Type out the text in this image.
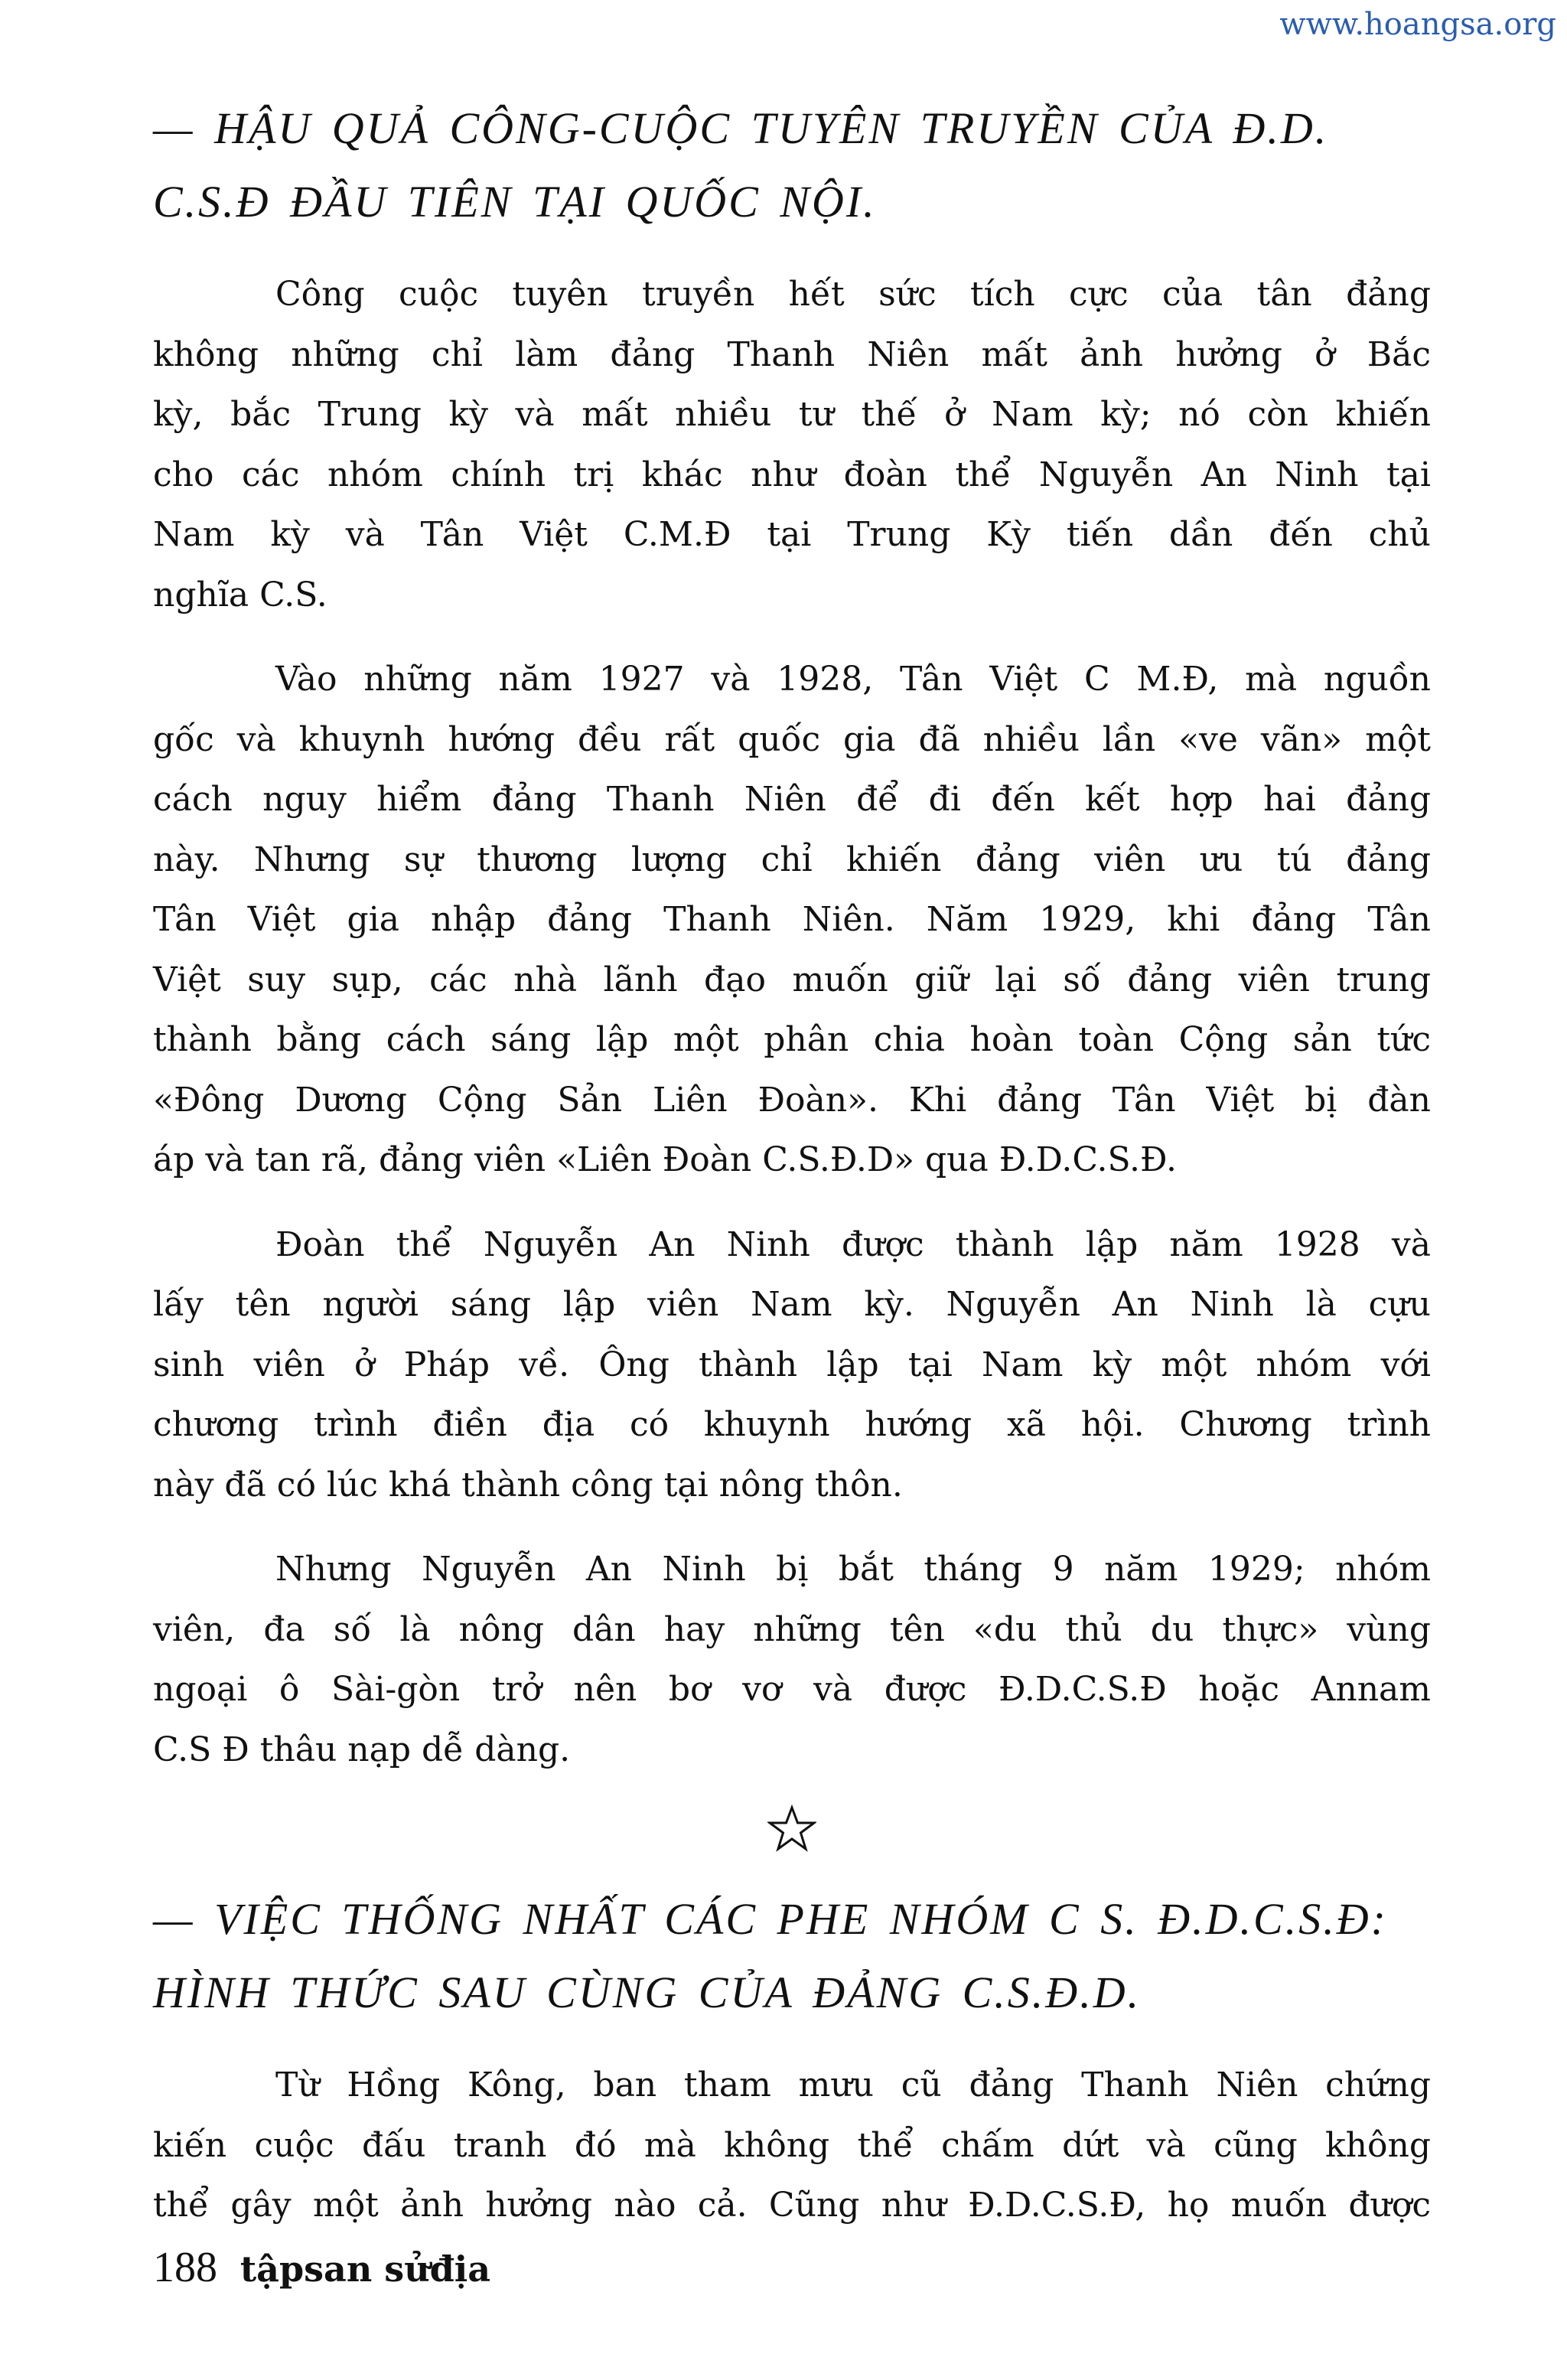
www.hoangsa.org
— HẬU QUẢ CÔNG-CUỘC TUYÊN TRUYỀN CỦA Đ.D.
C.S.Đ ĐẦU TIÊN TẠI QUỐC NỘI.
Công cuộc tuyên truyền hết sức tích cực của tân đảng
không những chỉ làm đảng Thanh Niên mất ảnh hưởng ở Bắc
kỳ, bắc Trung kỳ và mất nhiều tư thế ở Nam kỳ; nó còn khiến
cho các nhóm chính trị khác như đoàn thể Nguyễn An Ninh tại
Nam kỳ và Tân Việt C.M.Đ tại Trung Kỳ tiến dần đến chủ
nghĩa C.S.
Vào những năm 1927 và 1928, Tân Việt C M.Đ, mà nguồn
gốc và khuynh hướng đều rất quốc gia đã nhiều lần «ve vãn» một
cách nguy hiểm đảng Thanh Niên để đi đến kết hợp hai đảng
này. Nhưng sự thương lượng chỉ khiến đảng viên ưu tú đảng
Tân Việt gia nhập đảng Thanh Niên. Năm 1929, khi đảng Tân
Việt suy sụp, các nhà lãnh đạo muốn giữ lại số đảng viên trung
thành bằng cách sáng lập một phân chia hoàn toàn Cộng sản tức
«Đông Dương Cộng Sản Liên Đoàn». Khi đảng Tân Việt bị đàn
áp và tan rã, đảng viên «Liên Đoàn C.S.Đ.D» qua Đ.D.C.S.Đ.
Đoàn thể Nguyễn An Ninh được thành lập năm 1928 và
lấy tên người sáng lập viên Nam kỳ. Nguyễn An Ninh là cựu
sinh viên ở Pháp về. Ông thành lập tại Nam kỳ một nhóm với
chương trình điền địa có khuynh hướng xã hội. Chương trình
này đã có lúc khá thành công tại nông thôn.
Nhưng Nguyễn An Ninh bị bắt tháng 9 năm 1929; nhóm
viên, đa số là nông dân hay những tên «du thủ du thực» vùng
ngoại ô Sài-gòn trở nên bơ vơ và được Đ.D.C.S.Đ hoặc Annam
C.S Đ thâu nạp dễ dàng.
— VIỆC THỐNG NHẤT CÁC PHE NHÓM C S. Đ.D.C.S.Đ:
HÌNH THỨC SAU CÙNG CỦA ĐẢNG C.S.Đ.D.
Từ Hồng Kông, ban tham mưu cũ đảng Thanh Niên chứng
kiến cuộc đấu tranh đó mà không thể chấm dứt và cũng không
thể gây một ảnh hưởng nào cả. Cũng như Đ.D.C.S.Đ, họ muốn được
188 tậpsan sửđịa
